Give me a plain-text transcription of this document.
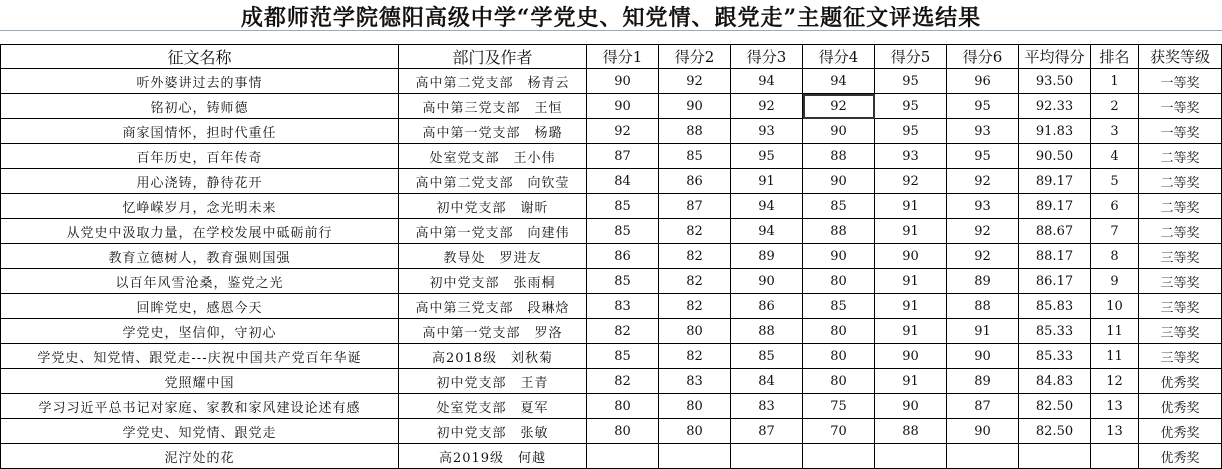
成都师范学院德阳高级中学“学党史、知党情、跟党走”主题征文评选结果
征文名称	部门及作者	得分1	得分2	得分3	得分4	得分5	得分6	平均得分	排名	获奖等级
听外婆讲过去的事情	高中第二党支部　杨青云	90	92	94	94	95	96	93.50	1	一等奖
铭初心，铸师德	高中第三党支部　王恒	90	90	92	92	95	95	92.33	2	一等奖
商家国情怀，担时代重任	高中第一党支部　杨璐	92	88	93	90	95	93	91.83	3	一等奖
百年历史，百年传奇	处室党支部　王小伟	87	85	95	88	93	95	90.50	4	二等奖
用心浇铸，静待花开	高中第二党支部　向钦莹	84	86	91	90	92	92	89.17	5	二等奖
忆峥嵘岁月，念光明未来	初中党支部　谢昕	85	87	94	85	91	93	89.17	6	二等奖
从党史中汲取力量，在学校发展中砥砺前行	高中第一党支部　向建伟	85	82	94	88	91	92	88.67	7	二等奖
教育立德树人，教育强则国强	教导处　罗进友	86	82	89	90	90	92	88.17	8	三等奖
以百年风雪沧桑，鉴党之光	初中党支部　张雨桐	85	82	90	80	91	89	86.17	9	三等奖
回眸党史，感恩今天	高中第三党支部　段琳焓	83	82	86	85	91	88	85.83	10	三等奖
学党史，坚信仰，守初心	高中第一党支部　罗洛	82	80	88	80	91	91	85.33	11	三等奖
学党史、知党情、跟党走---庆祝中国共产党百年华诞	高2018级　刘秋菊	85	82	85	80	90	90	85.33	11	三等奖
党照耀中国	初中党支部　王青	82	83	84	80	91	89	84.83	12	优秀奖
学习习近平总书记对家庭、家教和家风建设论述有感	处室党支部　夏军	80	80	83	75	90	87	82.50	13	优秀奖
学党史、知党情、跟党走	初中党支部　张敏	80	80	87	70	88	90	82.50	13	优秀奖
泥泞处的花	高2019级　何越									优秀奖
